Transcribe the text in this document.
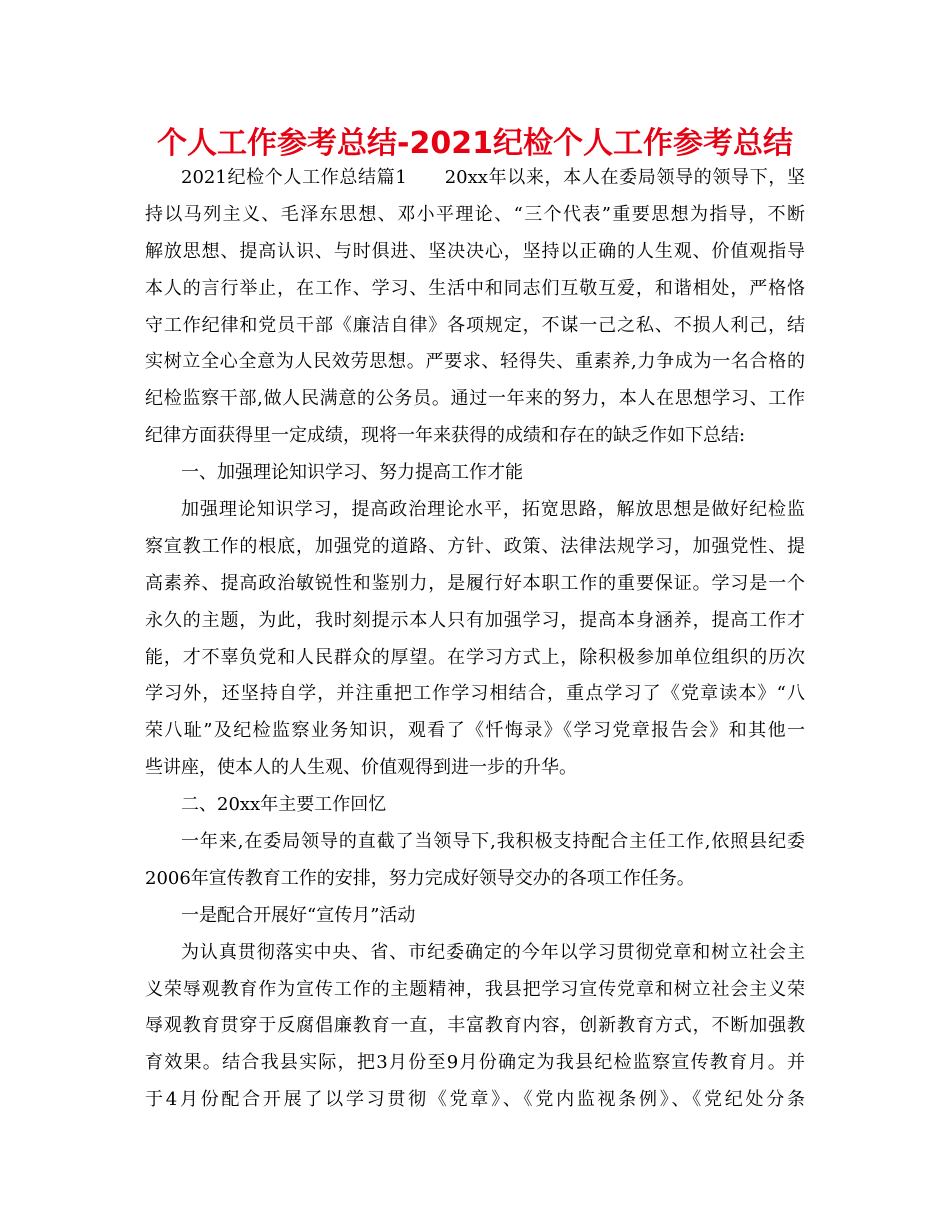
个人工作参考总结-2021纪检个人工作参考总结
2021纪检个人工作总结篇1　　20xx年以来，本人在委局领导的领导下，坚
持以马列主义、毛泽东思想、邓小平理论、“三个代表”重要思想为指导，不断
解放思想、提高认识、与时俱进、坚决决心，坚持以正确的人生观、价值观指导
本人的言行举止，在工作、学习、生活中和同志们互敬互爱，和谐相处，严格恪
守工作纪律和党员干部《廉洁自律》各项规定，不谋一己之私、不损人利己，结
实树立全心全意为人民效劳思想。严要求、轻得失、重素养,力争成为一名合格的
纪检监察干部,做人民满意的公务员。通过一年来的努力，本人在思想学习、工作
纪律方面获得里一定成绩，现将一年来获得的成绩和存在的缺乏作如下总结:
一、加强理论知识学习、努力提高工作才能
加强理论知识学习，提高政治理论水平，拓宽思路，解放思想是做好纪检监
察宣教工作的根底，加强党的道路、方针、政策、法律法规学习，加强党性、提
高素养、提高政治敏锐性和鉴别力，是履行好本职工作的重要保证。学习是一个
永久的主题，为此，我时刻提示本人只有加强学习，提高本身涵养，提高工作才
能，才不辜负党和人民群众的厚望。在学习方式上，除积极参加单位组织的历次
学习外，还坚持自学，并注重把工作学习相结合，重点学习了《党章读本》“八
荣八耻”及纪检监察业务知识，观看了《忏悔录》《学习党章报告会》和其他一
些讲座，使本人的人生观、价值观得到进一步的升华。
二、20xx年主要工作回忆
一年来,在委局领导的直截了当领导下,我积极支持配合主任工作,依照县纪委
2006年宣传教育工作的安排，努力完成好领导交办的各项工作任务。
一是配合开展好“宣传月”活动
为认真贯彻落实中央、省、市纪委确定的今年以学习贯彻党章和树立社会主
义荣辱观教育作为宣传工作的主题精神，我县把学习宣传党章和树立社会主义荣
辱观教育贯穿于反腐倡廉教育一直，丰富教育内容，创新教育方式，不断加强教
育效果。结合我县实际，把3月份至9月份确定为我县纪检监察宣传教育月。并
于4月份配合开展了以学习贯彻《党章》、《党内监视条例》、《党纪处分条
